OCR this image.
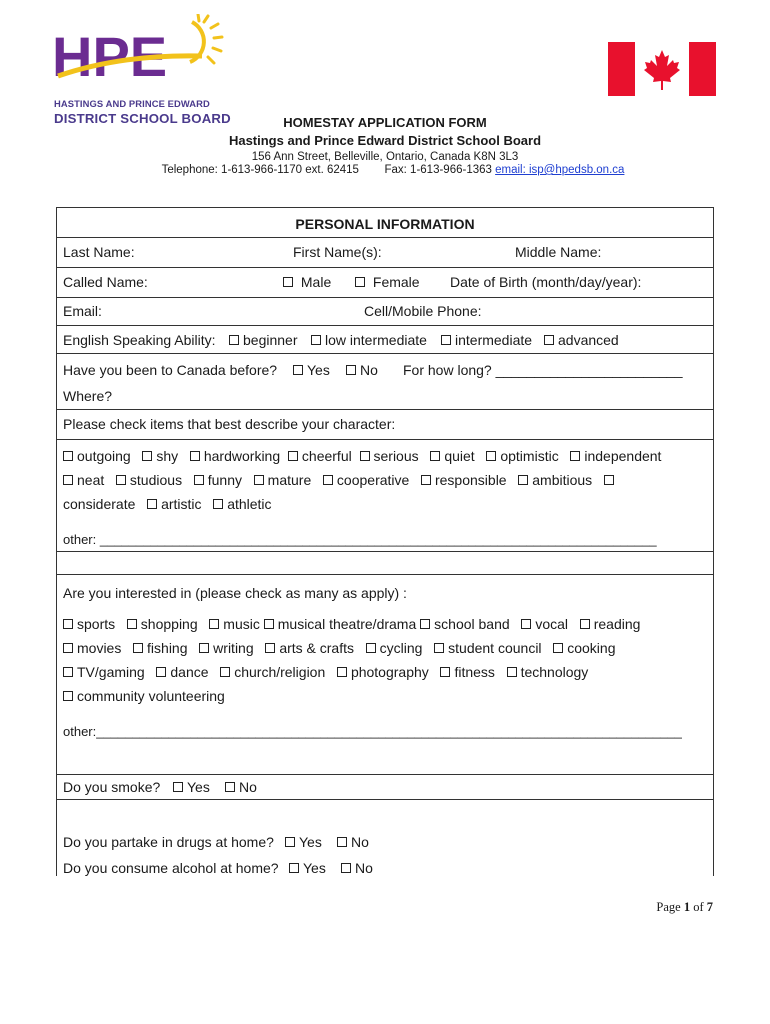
HPE
HASTINGS AND PRINCE EDWARD
DISTRICT SCHOOL BOARD	HOMESTAY APPLICATION FORM
Hastings and Prince Edward District School Board
156 Ann Street, Belleville, Ontario, Canada K8N 3L3
Telephone: 1-613-966-1170 ext. 62415 Fax: 1-613-966-1363 email: isp@hpedsb.on.ca
PERSONAL INFORMATION
Last Name:	First Name(s):	Middle Name:
Called Name:	Male	Female Date of Birth (month/day/year):
Email:	Cell/Mobile Phone:
English Speaking Ability:	beginner	low intermediate	intermediate	advanced
Have you been to Canada before?	Yes	No For how long? ________________________
Where?
Please check items that best describe your character:
outgoing shy hardworking cheerful serious quiet optimistic independent
neat studious funny mature cooperative responsible ambitious
considerate artistic athletic
other: _____________________________________________________________________________
Are you interested in (please check as many as apply) :
sports shopping music musical theatre/drama school band vocal reading
movies fishing writing arts & crafts cycling student council cooking
TV/gaming dance church/religion photography fitness technology
community volunteering
other:_________________________________________________________________________________
Do you smoke?	Yes	No
Do you partake in drugs at home?	Yes	No
Do you consume alcohol at home?	Yes	No
Page 1 of 7
